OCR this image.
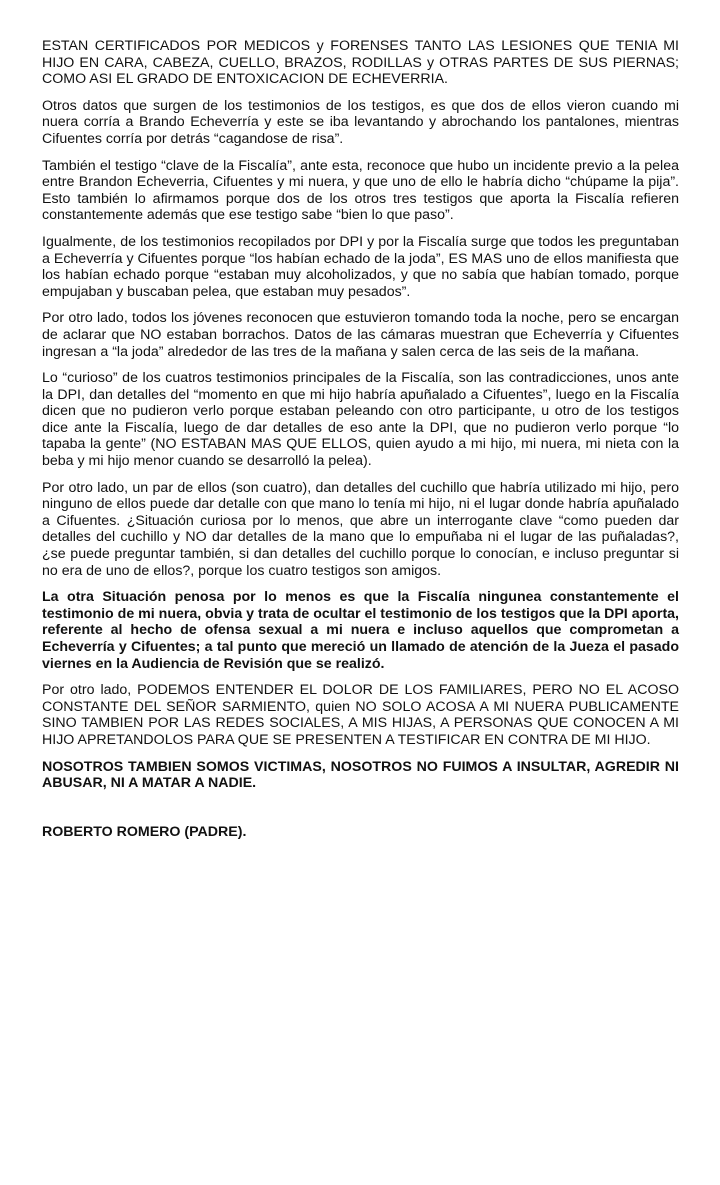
ESTAN CERTIFICADOS POR MEDICOS y FORENSES TANTO LAS LESIONES QUE TENIA MI HIJO EN CARA, CABEZA, CUELLO, BRAZOS, RODILLAS y OTRAS PARTES DE SUS PIERNAS; COMO ASI EL GRADO DE ENTOXICACION DE ECHEVERRIA.

Otros datos que surgen de los testimonios de los testigos, es que dos de ellos vieron cuando mi nuera corría a Brando Echeverría y este se iba levantando y abrochando los pantalones, mientras Cifuentes corría por detrás “cagandose de risa”.

También el testigo “clave de la Fiscalía”, ante esta, reconoce que hubo un incidente previo a la pelea entre Brandon Echeverria, Cifuentes y mi nuera, y que uno de ello le habría dicho “chúpame la pija”. Esto también lo afirmamos porque dos de los otros tres testigos que aporta la Fiscalía refieren constantemente además que ese testigo sabe “bien lo que paso”.

Igualmente, de los testimonios recopilados por DPI y por la Fiscalía surge que todos les preguntaban a Echeverría y Cifuentes porque “los habían echado de la joda”, ES MAS uno de ellos manifiesta que los habían echado porque “estaban muy alcoholizados, y que no sabía que habían tomado, porque empujaban y buscaban pelea, que estaban muy pesados”.

Por otro lado, todos los jóvenes reconocen que estuvieron tomando toda la noche, pero se encargan de aclarar que NO estaban borrachos. Datos de las cámaras muestran que Echeverría y Cifuentes ingresan a “la joda” alrededor de las tres de la mañana y salen cerca de las seis de la mañana.

Lo “curioso” de los cuatros testimonios principales de la Fiscalía, son las contradicciones, unos ante la DPI, dan detalles del “momento en que mi hijo habría apuñalado a Cifuentes”, luego en la Fiscalía dicen que no pudieron verlo porque estaban peleando con otro participante, u otro de los testigos dice ante la Fiscalía, luego de dar detalles de eso ante la DPI, que no pudieron verlo porque “lo tapaba la gente” (NO ESTABAN MAS QUE ELLOS, quien ayudo a mi hijo, mi nuera, mi nieta con la beba y mi hijo menor cuando se desarrolló la pelea).

Por otro lado, un par de ellos (son cuatro), dan detalles del cuchillo que habría utilizado mi hijo, pero ninguno de ellos puede dar detalle con que mano lo tenía mi hijo, ni el lugar donde habría apuñalado a Cifuentes. ¿Situación curiosa por lo menos, que abre un interrogante clave “como pueden dar detalles del cuchillo y NO dar detalles de la mano que lo empuñaba ni el lugar de las puñaladas?, ¿se puede preguntar también, si dan detalles del cuchillo porque lo conocían, e incluso preguntar si no era de uno de ellos?, porque los cuatro testigos son amigos.

La otra Situación penosa por lo menos es que la Fiscalía ningunea constantemente el testimonio de mi nuera, obvia y trata de ocultar el testimonio de los testigos que la DPI aporta, referente al hecho de ofensa sexual a mi nuera e incluso aquellos que comprometan a Echeverría y Cifuentes; a tal punto que mereció un llamado de atención de la Jueza el pasado viernes en la Audiencia de Revisión que se realizó.

Por otro lado, PODEMOS ENTENDER EL DOLOR DE LOS FAMILIARES, PERO NO EL ACOSO CONSTANTE DEL SEÑOR SARMIENTO, quien NO SOLO ACOSA A MI NUERA PUBLICAMENTE SINO TAMBIEN POR LAS REDES SOCIALES, A MIS HIJAS, A PERSONAS QUE CONOCEN A MI HIJO APRETANDOLOS PARA QUE SE PRESENTEN A TESTIFICAR EN CONTRA DE MI HIJO.

NOSOTROS TAMBIEN SOMOS VICTIMAS, NOSOTROS NO FUIMOS A INSULTAR, AGREDIR NI ABUSAR, NI A MATAR A NADIE.

ROBERTO ROMERO (PADRE).
